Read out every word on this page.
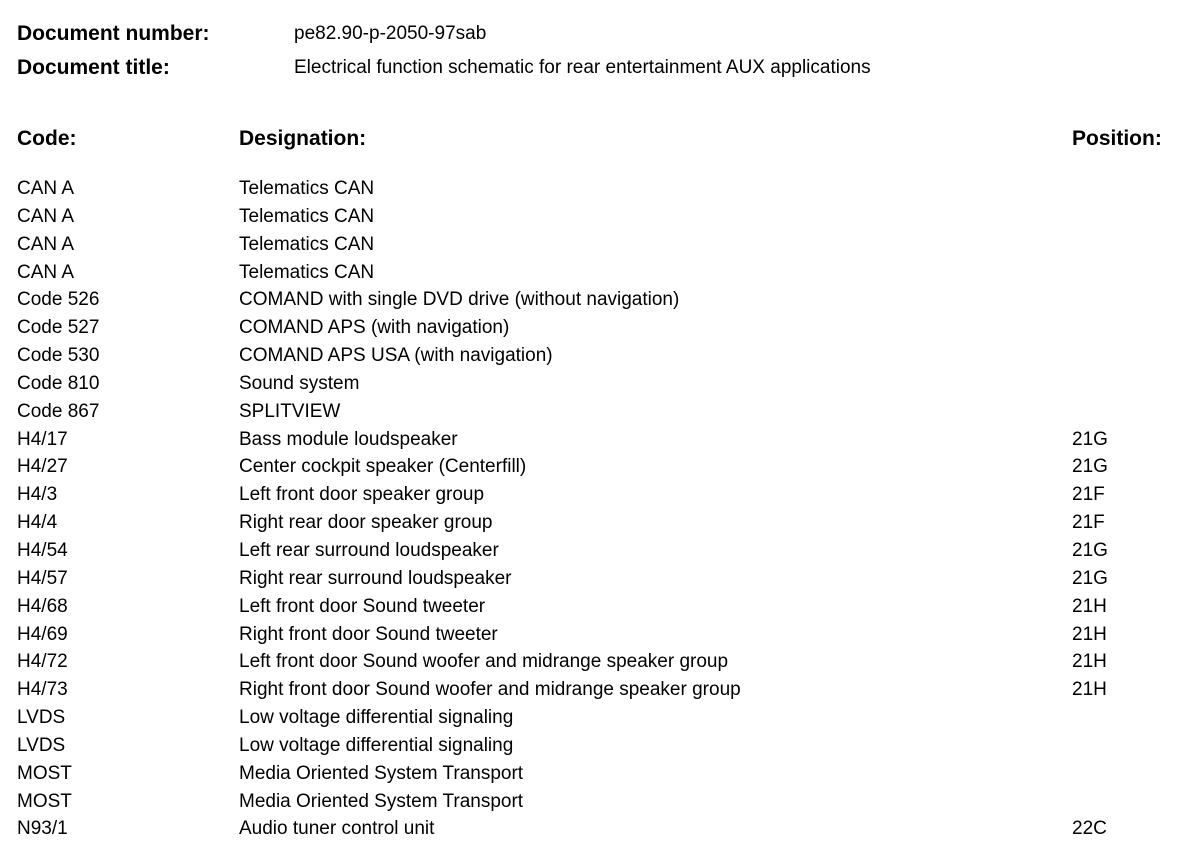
Document number:	pe82.90-p-2050-97sab
Document title:	Electrical function schematic for rear entertainment AUX applications
Code:	Designation:	Position:
CAN A	Telematics CAN
CAN A	Telematics CAN
CAN A	Telematics CAN
CAN A	Telematics CAN
Code 526	COMAND with single DVD drive (without navigation)
Code 527	COMAND APS (with navigation)
Code 530	COMAND APS USA (with navigation)
Code 810	Sound system
Code 867	SPLITVIEW
H4/17	Bass module loudspeaker	21G
H4/27	Center cockpit speaker (Centerfill)	21G
H4/3	Left front door speaker group	21F
H4/4	Right rear door speaker group	21F
H4/54	Left rear surround loudspeaker	21G
H4/57	Right rear surround loudspeaker	21G
H4/68	Left front door Sound tweeter	21H
H4/69	Right front door Sound tweeter	21H
H4/72	Left front door Sound woofer and midrange speaker group	21H
H4/73	Right front door Sound woofer and midrange speaker group	21H
LVDS	Low voltage differential signaling
LVDS	Low voltage differential signaling
MOST	Media Oriented System Transport
MOST	Media Oriented System Transport
N93/1	Audio tuner control unit	22C
